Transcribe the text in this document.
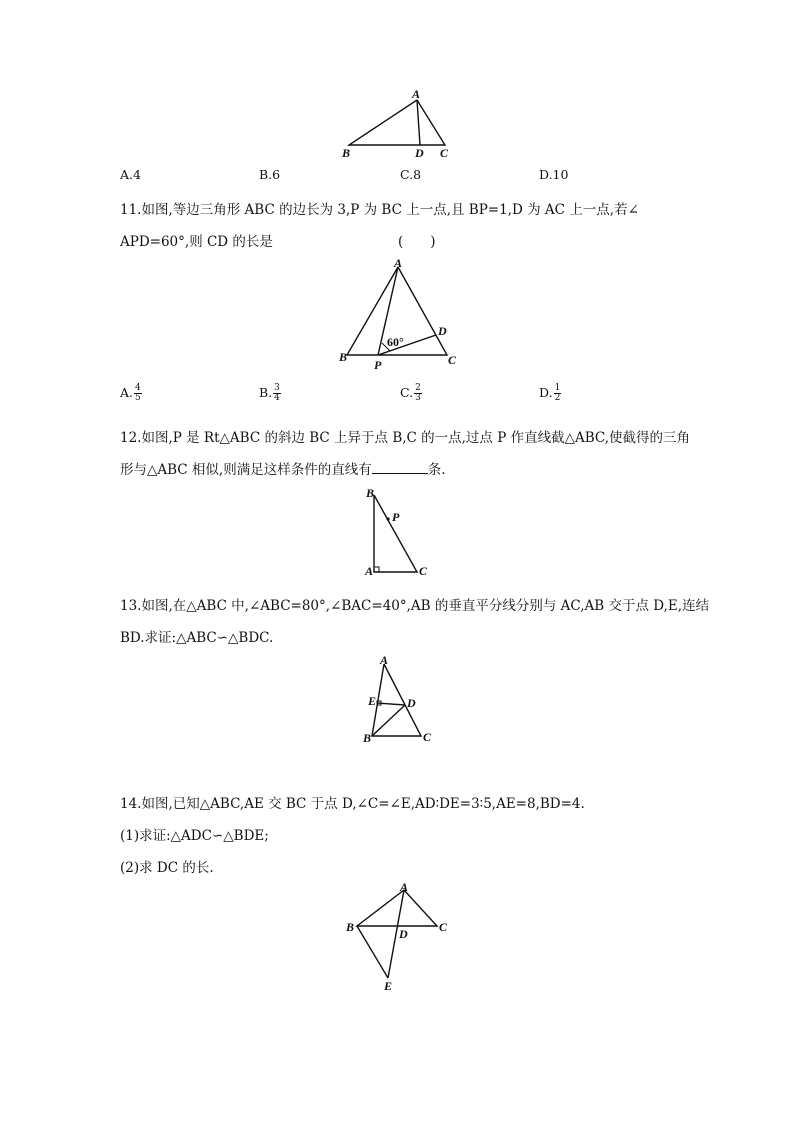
A
B	D C
A.4	B.6	C.8	D.10
11.如图,等边三角形 ABC 的边长为 3,P 为 BC 上一点,且 BP=1,D 为 AC 上一点,若∠
APD=60°,则 CD 的长是	(　　)
A
D
60°
B
P	C
A. $\frac{4}{5}$	B. $\frac{3}{4}$	C. $\frac{2}{3}$	D. $\frac{1}{2}$
12.如图,P 是 Rt△ABC 的斜边 BC 上异于点 B,C 的一点,过点 P 作直线截△ABC,使截得的三角
形与△ABC 相似,则满足这样条件的直线有	条.
B
P
A	C
13.如图,在△ABC 中,∠ABC=80°,∠BAC=40°,AB 的垂直平分线分别与 AC,AB 交于点 D,E,连结
BD.求证:△ABC∽△BDC.
A
E	D
B	C
14.如图,已知△ABC,AE 交 BC 于点 D,∠C=∠E,AD∶DE=3∶5,AE=8,BD=4.
(1)求证:△ADC∽△BDE;
(2)求 DC 的长.
A
B	D	C
E
